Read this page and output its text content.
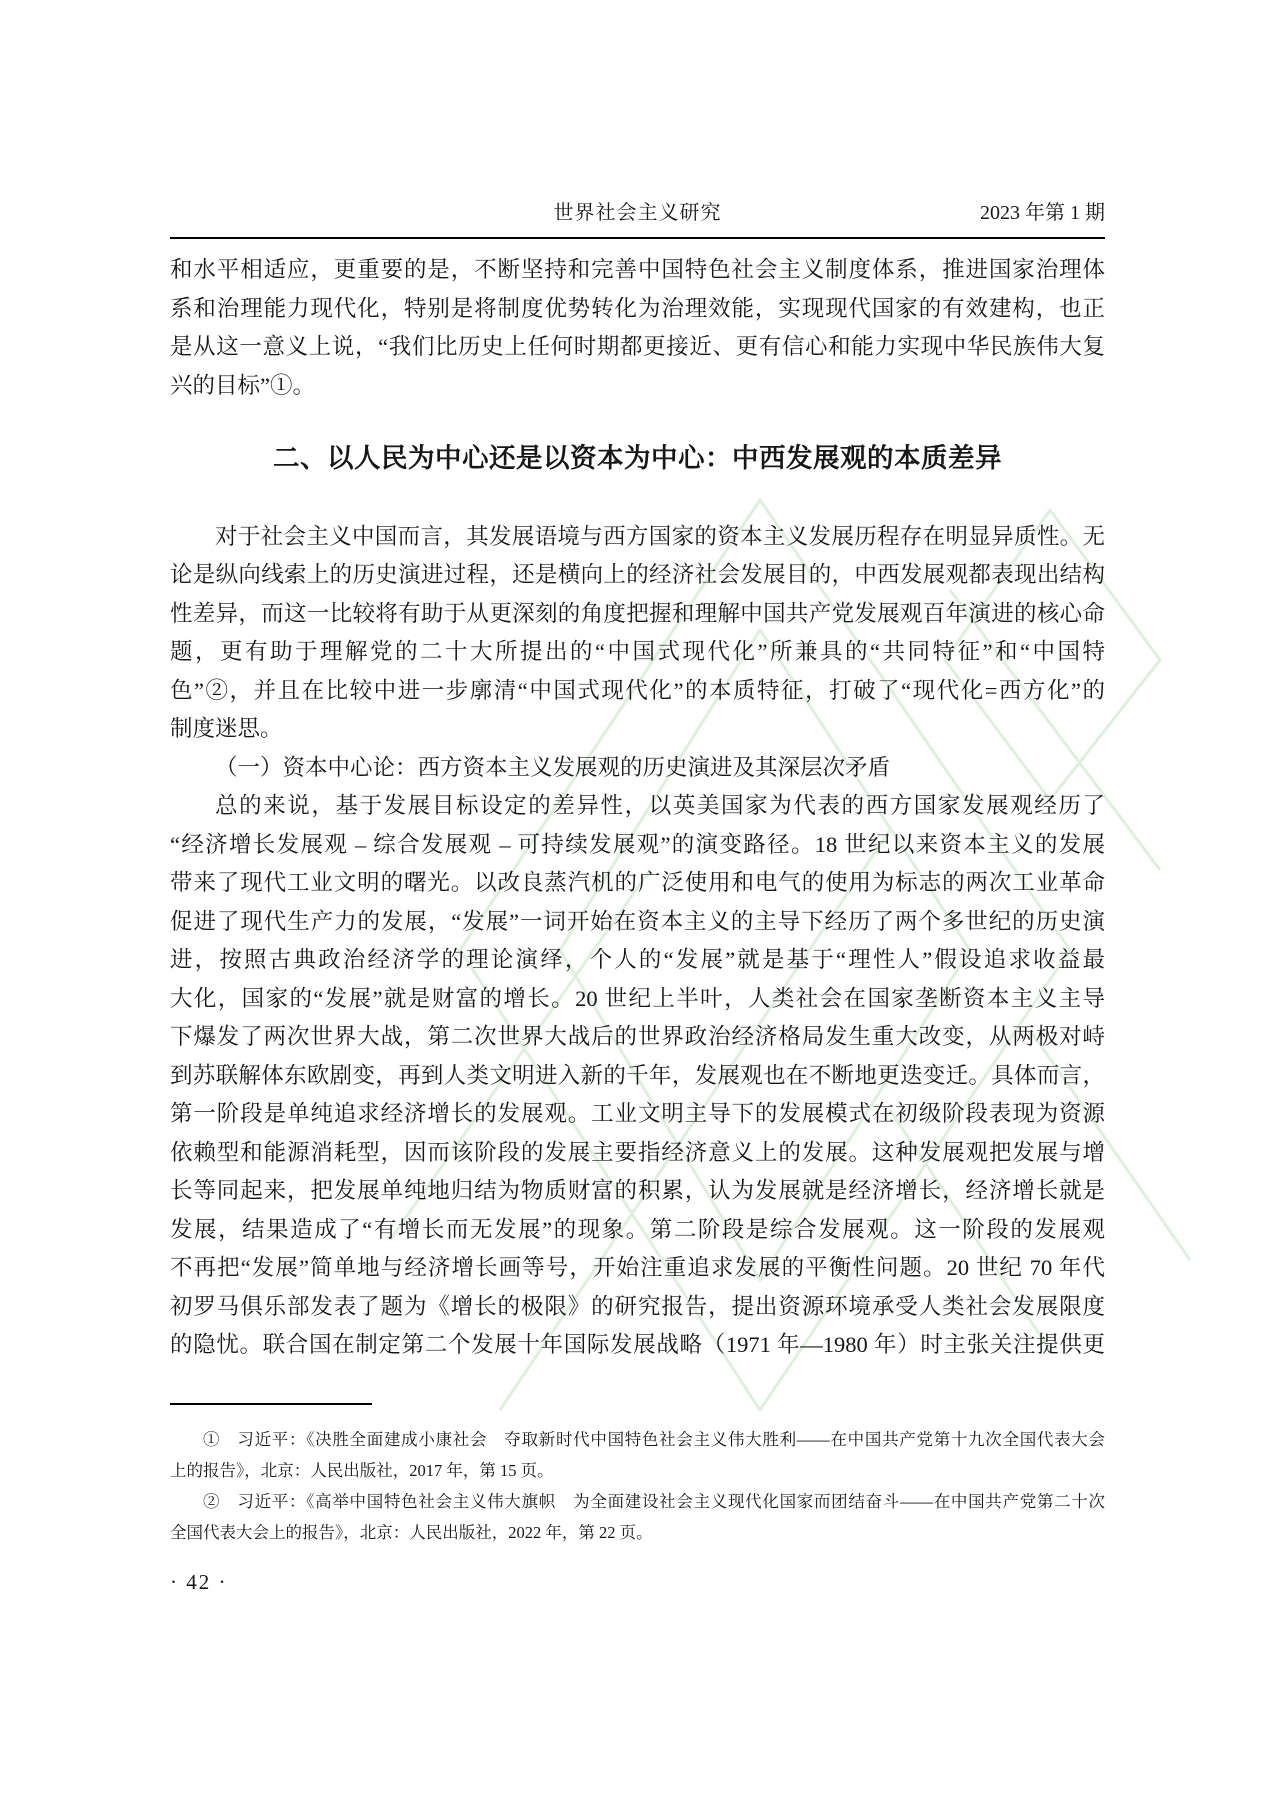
世界社会主义研究	2023 年第 1 期
和水平相适应，更重要的是，不断坚持和完善中国特色社会主义制度体系，推进国家治理体
系和治理能力现代化，特别是将制度优势转化为治理效能，实现现代国家的有效建构，也正
是从这一意义上说，“我们比历史上任何时期都更接近、更有信心和能力实现中华民族伟大复
兴的目标”①。
二、以人民为中心还是以资本为中心：中西发展观的本质差异
对于社会主义中国而言，其发展语境与西方国家的资本主义发展历程存在明显异质性。无
论是纵向线索上的历史演进过程，还是横向上的经济社会发展目的，中西发展观都表现出结构
性差异，而这一比较将有助于从更深刻的角度把握和理解中国共产党发展观百年演进的核心命
题，更有助于理解党的二十大所提出的“中国式现代化”所兼具的“共同特征”和“中国特
色”②，并且在比较中进一步廓清“中国式现代化”的本质特征，打破了“现代化=西方化”的
制度迷思。
（一）资本中心论：西方资本主义发展观的历史演进及其深层次矛盾
总的来说，基于发展目标设定的差异性，以英美国家为代表的西方国家发展观经历了
“经济增长发展观 – 综合发展观 – 可持续发展观”的演变路径。18 世纪以来资本主义的发展
带来了现代工业文明的曙光。以改良蒸汽机的广泛使用和电气的使用为标志的两次工业革命
促进了现代生产力的发展，“发展”一词开始在资本主义的主导下经历了两个多世纪的历史演
进，按照古典政治经济学的理论演绎，个人的“发展”就是基于“理性人”假设追求收益最
大化，国家的“发展”就是财富的增长。20 世纪上半叶，人类社会在国家垄断资本主义主导
下爆发了两次世界大战，第二次世界大战后的世界政治经济格局发生重大改变，从两极对峙
到苏联解体东欧剧变，再到人类文明进入新的千年，发展观也在不断地更迭变迁。具体而言，
第一阶段是单纯追求经济增长的发展观。工业文明主导下的发展模式在初级阶段表现为资源
依赖型和能源消耗型，因而该阶段的发展主要指经济意义上的发展。这种发展观把发展与增
长等同起来，把发展单纯地归结为物质财富的积累，认为发展就是经济增长，经济增长就是
发展，结果造成了“有增长而无发展”的现象。第二阶段是综合发展观。这一阶段的发展观
不再把“发展”简单地与经济增长画等号，开始注重追求发展的平衡性问题。20 世纪 70 年代
初罗马俱乐部发表了题为《增长的极限》的研究报告，提出资源环境承受人类社会发展限度
的隐忧。联合国在制定第二个发展十年国际发展战略（1971 年—1980 年）时主张关注提供更
①　习近平：《决胜全面建成小康社会　夺取新时代中国特色社会主义伟大胜利——在中国共产党第十九次全国代表大会
上的报告》，北京：人民出版社，2017 年，第 15 页。
②　习近平：《高举中国特色社会主义伟大旗帜　为全面建设社会主义现代化国家而团结奋斗——在中国共产党第二十次
全国代表大会上的报告》，北京：人民出版社，2022 年，第 22 页。
· 42 ·
